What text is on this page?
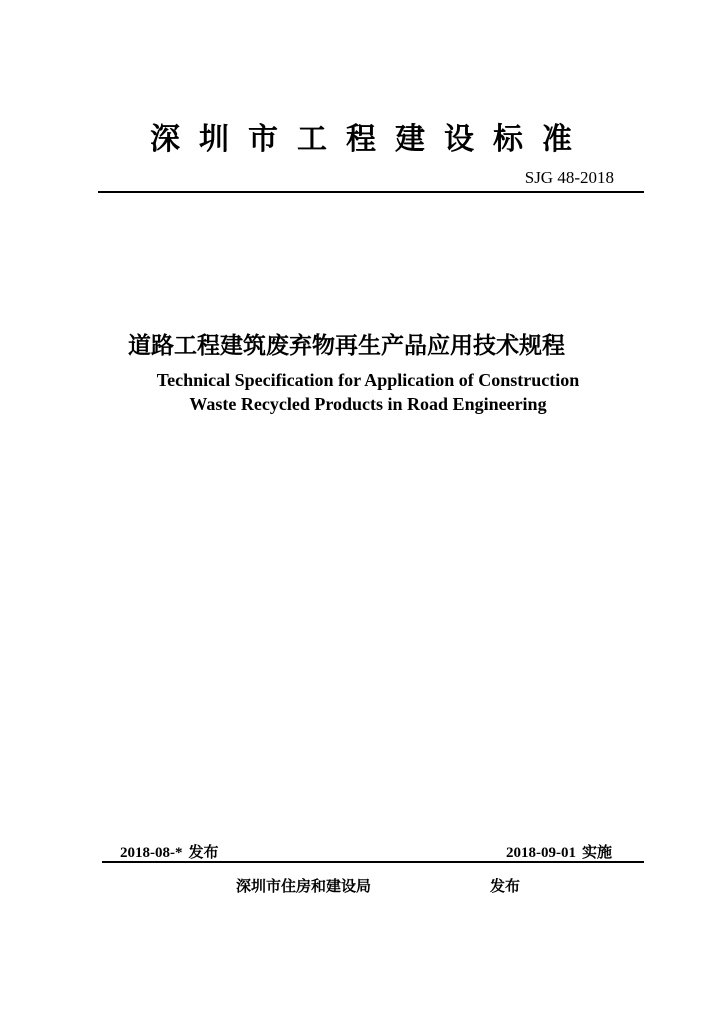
深圳市工程建设标准
SJG 48-2018
道路工程建筑废弃物再生产品应用技术规程
Technical Specification for Application of Construction
Waste Recycled Products in Road Engineering
2018-08-* 发布	2018-09-01 实施
深圳市住房和建设局	发布
